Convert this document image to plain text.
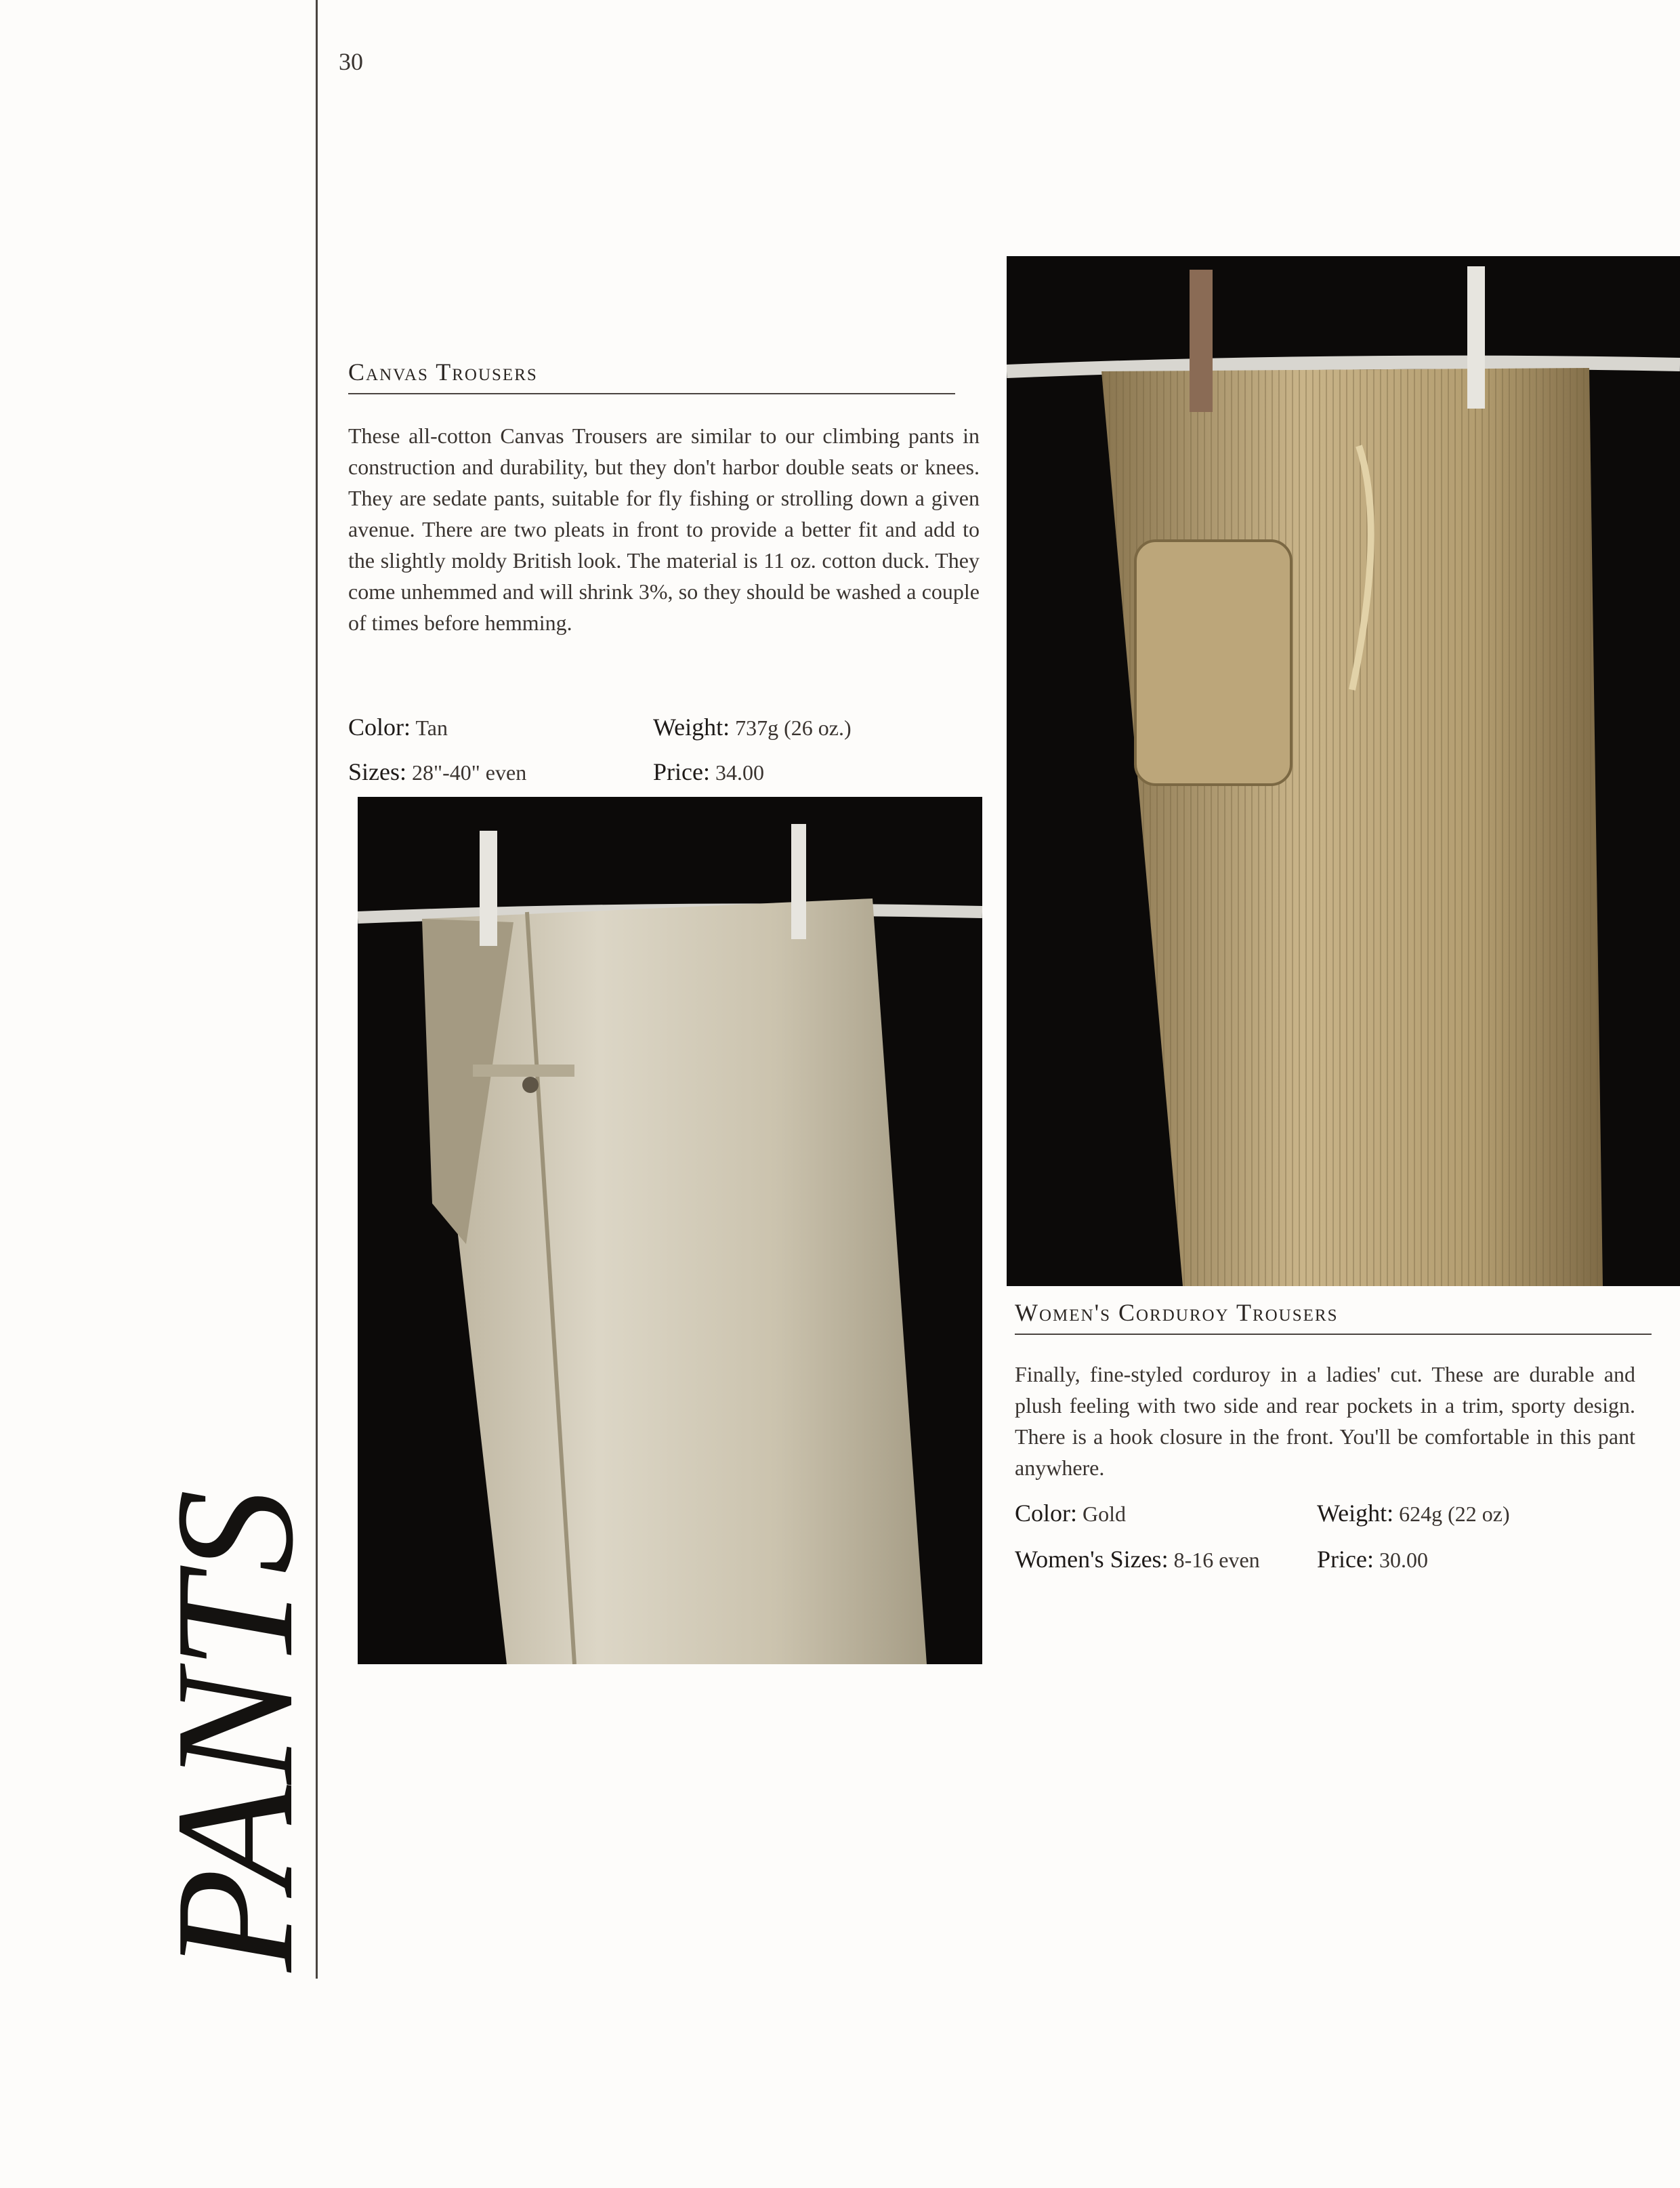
30
PANTS
Canvas Trousers
These all-cotton Canvas Trousers are similar to our climbing pants in construction and durability, but they don't harbor double seats or knees. They are sedate pants, suitable for fly fishing or strolling down a given avenue. There are two pleats in front to provide a better fit and add to the slightly moldy British look. The material is 11 oz. cotton duck. They come unhemmed and will shrink 3%, so they should be washed a couple of times before hemming.
Color: Tan	Weight: 737g (26 oz.)
Sizes: 28"-40" even	Price: 34.00
Women's Corduroy Trousers
Finally, fine-styled corduroy in a ladies' cut. These are durable and plush feeling with two side and rear pockets in a trim, sporty design. There is a hook closure in the front. You'll be comfortable in this pant anywhere.
Color: Gold	Weight: 624g (22 oz)
Women's Sizes: 8-16 even Price: 30.00
